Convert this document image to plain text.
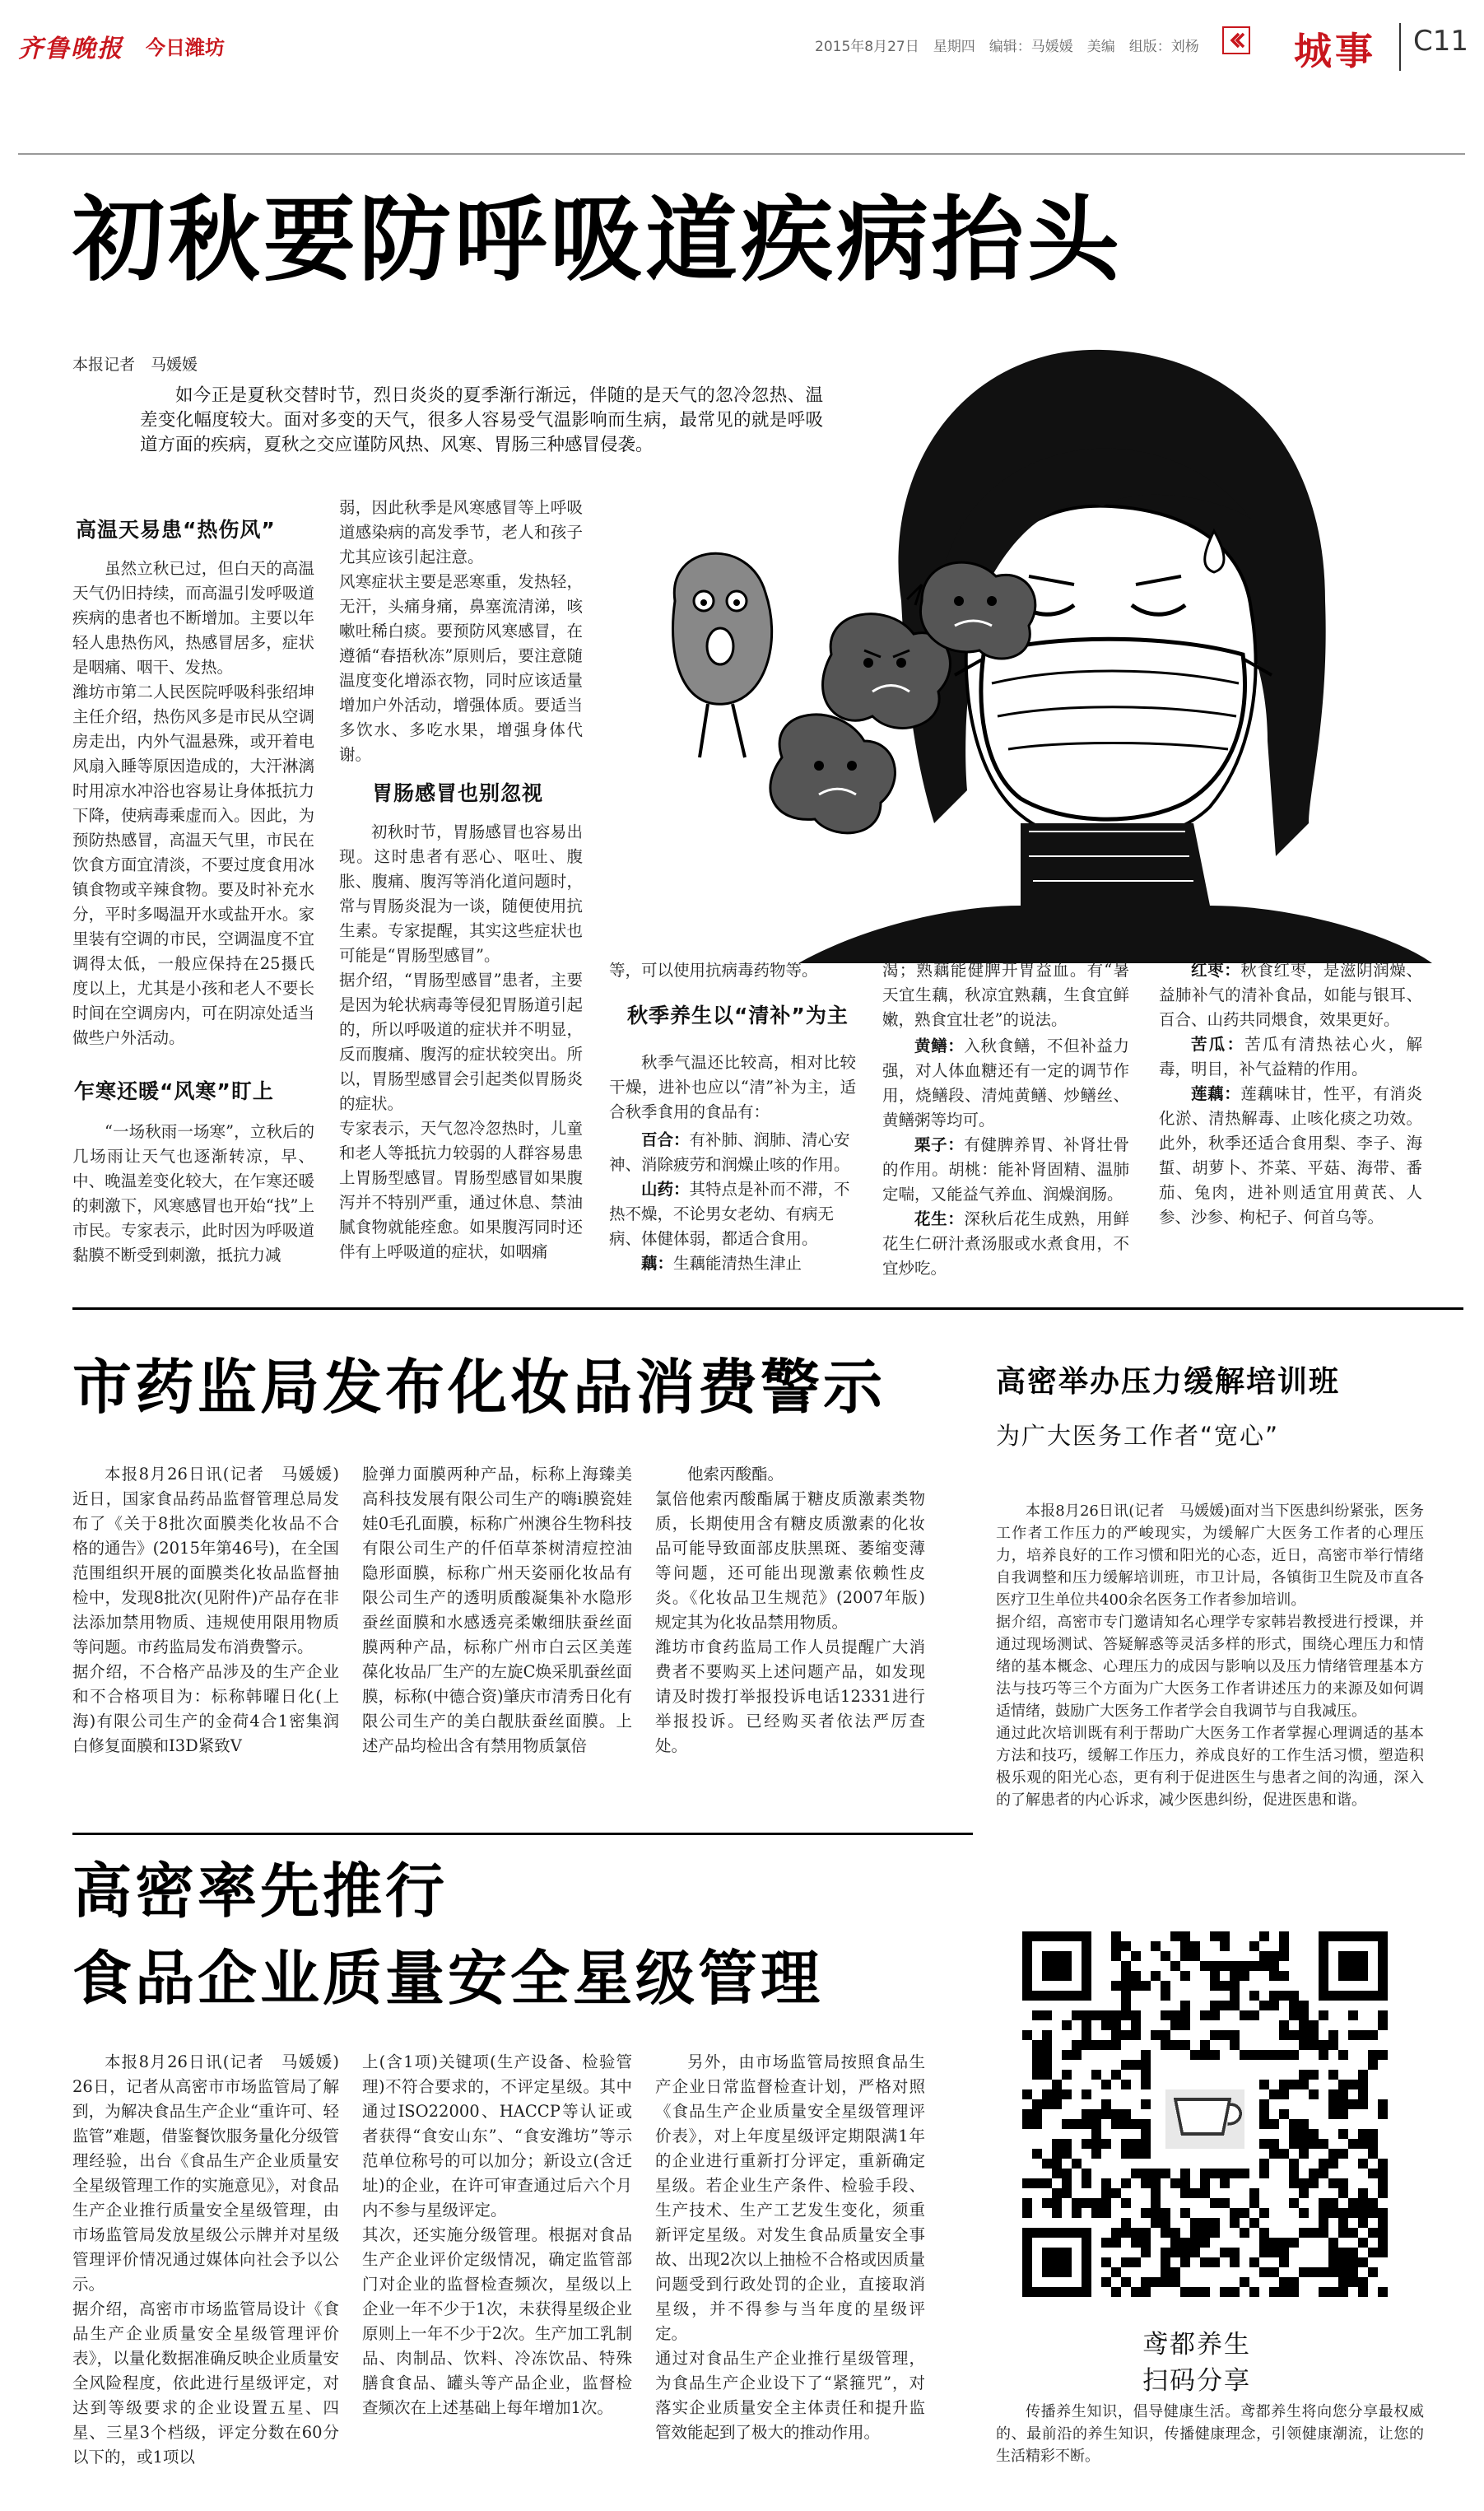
齐鲁晚报 今日潍坊	2015年8月27日　星期四　编辑：马媛媛　美编　组版：刘杨	城事 C11
初秋要防呼吸道疾病抬头
本报记者　马媛媛
如今正是夏秋交替时节，烈日炎炎的夏季渐行渐远，伴随的是天气的忽冷忽热、温差变化幅度较大。面对多变的天气，很多人容易受气温影响而生病，最常见的就是呼吸道方面的疾病，夏秋之交应谨防风热、风寒、胃肠三种感冒侵袭。
高温天易患“热伤风”
虽然立秋已过，但白天的高温天气仍旧持续，而高温引发呼吸道疾病的患者也不断增加。主要以年轻人患热伤风，热感冒居多，症状是咽痛、咽干、发热。
潍坊市第二人民医院呼吸科张绍坤主任介绍，热伤风多是市民从空调房走出，内外气温悬殊，或开着电风扇入睡等原因造成的，大汗淋漓时用凉水冲浴也容易让身体抵抗力下降，使病毒乘虚而入。因此，为预防热感冒，高温天气里，市民在饮食方面宜清淡，不要过度食用冰镇食物或辛辣食物。要及时补充水分，平时多喝温开水或盐开水。家里装有空调的市民，空调温度不宜调得太低，一般应保持在25摄氏度以上，尤其是小孩和老人不要长时间在空调房内，可在阴凉处适当做些户外活动。
乍寒还暖“风寒”盯上
“一场秋雨一场寒”，立秋后的几场雨让天气也逐渐转凉，早、中、晚温差变化较大，在乍寒还暖的刺激下，风寒感冒也开始“找”上市民。专家表示，此时因为呼吸道黏膜不断受到刺激，抵抗力减
弱，因此秋季是风寒感冒等上呼吸道感染病的高发季节，老人和孩子尤其应该引起注意。
风寒症状主要是恶寒重，发热轻，无汗，头痛身痛，鼻塞流清涕，咳嗽吐稀白痰。要预防风寒感冒，在遵循“春捂秋冻”原则后，要注意随温度变化增添衣物，同时应该适量增加户外活动，增强体质。要适当多饮水、多吃水果，增强身体代谢。
胃肠感冒也别忽视
初秋时节，胃肠感冒也容易出现。这时患者有恶心、呕吐、腹胀、腹痛、腹泻等消化道问题时，常与胃肠炎混为一谈，随便使用抗生素。专家提醒，其实这些症状也可能是“胃肠型感冒”。
据介绍，“胃肠型感冒”患者，主要是因为轮状病毒等侵犯胃肠道引起的，所以呼吸道的症状并不明显，反而腹痛、腹泻的症状较突出。所以，胃肠型感冒会引起类似胃肠炎的症状。
专家表示，天气忽冷忽热时，儿童和老人等抵抗力较弱的人群容易患上胃肠型感冒。胃肠型感冒如果腹泻并不特别严重，通过休息、禁油腻食物就能痊愈。如果腹泻同时还伴有上呼吸道的症状，如咽痛
等，可以使用抗病毒药物等。
秋季养生以“清补”为主
秋季气温还比较高，相对比较干燥，进补也应以“清”补为主，适合秋季食用的食品有：
百合：有补肺、润肺、清心安神、消除疲劳和润燥止咳的作用。
山药：其特点是补而不滞，不热不燥，不论男女老幼、有病无病、体健体弱，都适合食用。
藕：生藕能清热生津止
渴；熟藕能健脾开胃益血。有“暑天宜生藕，秋凉宜熟藕，生食宜鲜嫩，熟食宜壮老”的说法。
黄鳝：入秋食鳝，不但补益力强，对人体血糖还有一定的调节作用，烧鳝段、清炖黄鳝、炒鳝丝、黄鳝粥等均可。
栗子：有健脾养胃、补肾壮骨的作用。胡桃：能补肾固精、温肺定喘，又能益气养血、润燥润肠。
花生：深秋后花生成熟，用鲜花生仁研汁煮汤服或水煮食用，不宜炒吃。
红枣：秋食红枣，是滋阴润燥、益肺补气的清补食品，如能与银耳、百合、山药共同煨食，效果更好。
苦瓜：苦瓜有清热祛心火，解毒，明目，补气益精的作用。
莲藕：莲藕味甘，性平，有消炎化淤、清热解毒、止咳化痰之功效。此外，秋季还适合食用梨、李子、海蜇、胡萝卜、芥菜、平菇、海带、番茄、兔肉，进补则适宜用黄芪、人参、沙参、枸杞子、何首乌等。
市药监局发布化妆品消费警示
本报8月26日讯(记者　马媛媛)　近日，国家食品药品监督管理总局发布了《关于8批次面膜类化妆品不合格的通告》(2015年第46号)，在全国范围组织开展的面膜类化妆品监督抽检中，发现8批次(见附件)产品存在非法添加禁用物质、违规使用限用物质等问题。市药监局发布消费警示。
据介绍，不合格产品涉及的生产企业和不合格项目为：标称韩曜日化(上海)有限公司生产的金荷4合1密集润白修复面膜和I3D紧致V
脸弹力面膜两种产品，标称上海臻美高科技发展有限公司生产的嗨i膜瓷娃娃0毛孔面膜，标称广州澳谷生物科技有限公司生产的仟佰草茶树清痘控油隐形面膜，标称广州天姿丽化妆品有限公司生产的透明质酸凝集补水隐形蚕丝面膜和水感透亮柔嫩细肤蚕丝面膜两种产品，标称广州市白云区美莲葆化妆品厂生产的左旋C焕采肌蚕丝面膜，标称(中德合资)肇庆市清秀日化有限公司生产的美白靓肤蚕丝面膜。上述产品均检出含有禁用物质氯倍
他索丙酸酯。
氯倍他索丙酸酯属于糖皮质激素类物质，长期使用含有糖皮质激素的化妆品可能导致面部皮肤黑斑、萎缩变薄等问题，还可能出现激素依赖性皮炎。《化妆品卫生规范》(2007年版)规定其为化妆品禁用物质。
潍坊市食药监局工作人员提醒广大消费者不要购买上述问题产品，如发现请及时拨打举报投诉电话12331进行举报投诉。已经购买者依法严厉查处。
高密率先推行
食品企业质量安全星级管理
本报8月26日讯(记者　马媛媛)　26日，记者从高密市市场监管局了解到，为解决食品生产企业“重许可、轻监管”难题，借鉴餐饮服务量化分级管理经验，出台《食品生产企业质量安全星级管理工作的实施意见》，对食品生产企业推行质量安全星级管理，由市场监管局发放星级公示牌并对星级管理评价情况通过媒体向社会予以公示。
据介绍，高密市市场监管局设计《食品生产企业质量安全星级管理评价表》，以量化数据准确反映企业质量安全风险程度，依此进行星级评定，对达到等级要求的企业设置五星、四星、三星3个档级，评定分数在60分以下的，或1项以
上(含1项)关键项(生产设备、检验管理)不符合要求的，不评定星级。其中通过ISO22000、HACCP等认证或者获得“食安山东”、“食安潍坊”等示范单位称号的可以加分；新设立(含迁址)的企业，在许可审查通过后六个月内不参与星级评定。
其次，还实施分级管理。根据对食品生产企业评价定级情况，确定监管部门对企业的监督检查频次，星级以上企业一年不少于1次，未获得星级企业原则上一年不少于2次。生产加工乳制品、肉制品、饮料、冷冻饮品、特殊膳食食品、罐头等产品企业，监督检查频次在上述基础上每年增加1次。
另外，由市场监管局按照食品生产企业日常监督检查计划，严格对照《食品生产企业质量安全星级管理评价表》，对上年度星级评定期限满1年的企业进行重新打分评定，重新确定星级。若企业生产条件、检验手段、生产技术、生产工艺发生变化，须重新评定星级。对发生食品质量安全事故、出现2次以上抽检不合格或因质量问题受到行政处罚的企业，直接取消星级，并不得参与当年度的星级评定。
通过对食品生产企业推行星级管理，为食品生产企业设下了“紧箍咒”，对落实企业质量安全主体责任和提升监管效能起到了极大的推动作用。
高密举办压力缓解培训班
为广大医务工作者“宽心”
本报8月26日讯(记者　马媛媛)面对当下医患纠纷紧张，医务工作者工作压力的严峻现实，为缓解广大医务工作者的心理压力，培养良好的工作习惯和阳光的心态，近日，高密市举行情绪自我调整和压力缓解培训班，市卫计局，各镇街卫生院及市直各医疗卫生单位共400余名医务工作者参加培训。
据介绍，高密市专门邀请知名心理学专家韩岩教授进行授课，并通过现场测试、答疑解惑等灵活多样的形式，围绕心理压力和情绪的基本概念、心理压力的成因与影响以及压力情绪管理基本方法与技巧等三个方面为广大医务工作者讲述压力的来源及如何调适情绪，鼓励广大医务工作者学会自我调节与自我减压。
通过此次培训既有利于帮助广大医务工作者掌握心理调适的基本方法和技巧，缓解工作压力，养成良好的工作生活习惯，塑造积极乐观的阳光心态，更有利于促进医生与患者之间的沟通，深入的了解患者的内心诉求，减少医患纠纷，促进医患和谐。
鸢都养生
扫码分享
传播养生知识，倡导健康生活。鸢都养生将向您分享最权威的、最前沿的养生知识，传播健康理念，引领健康潮流，让您的生活精彩不断。
